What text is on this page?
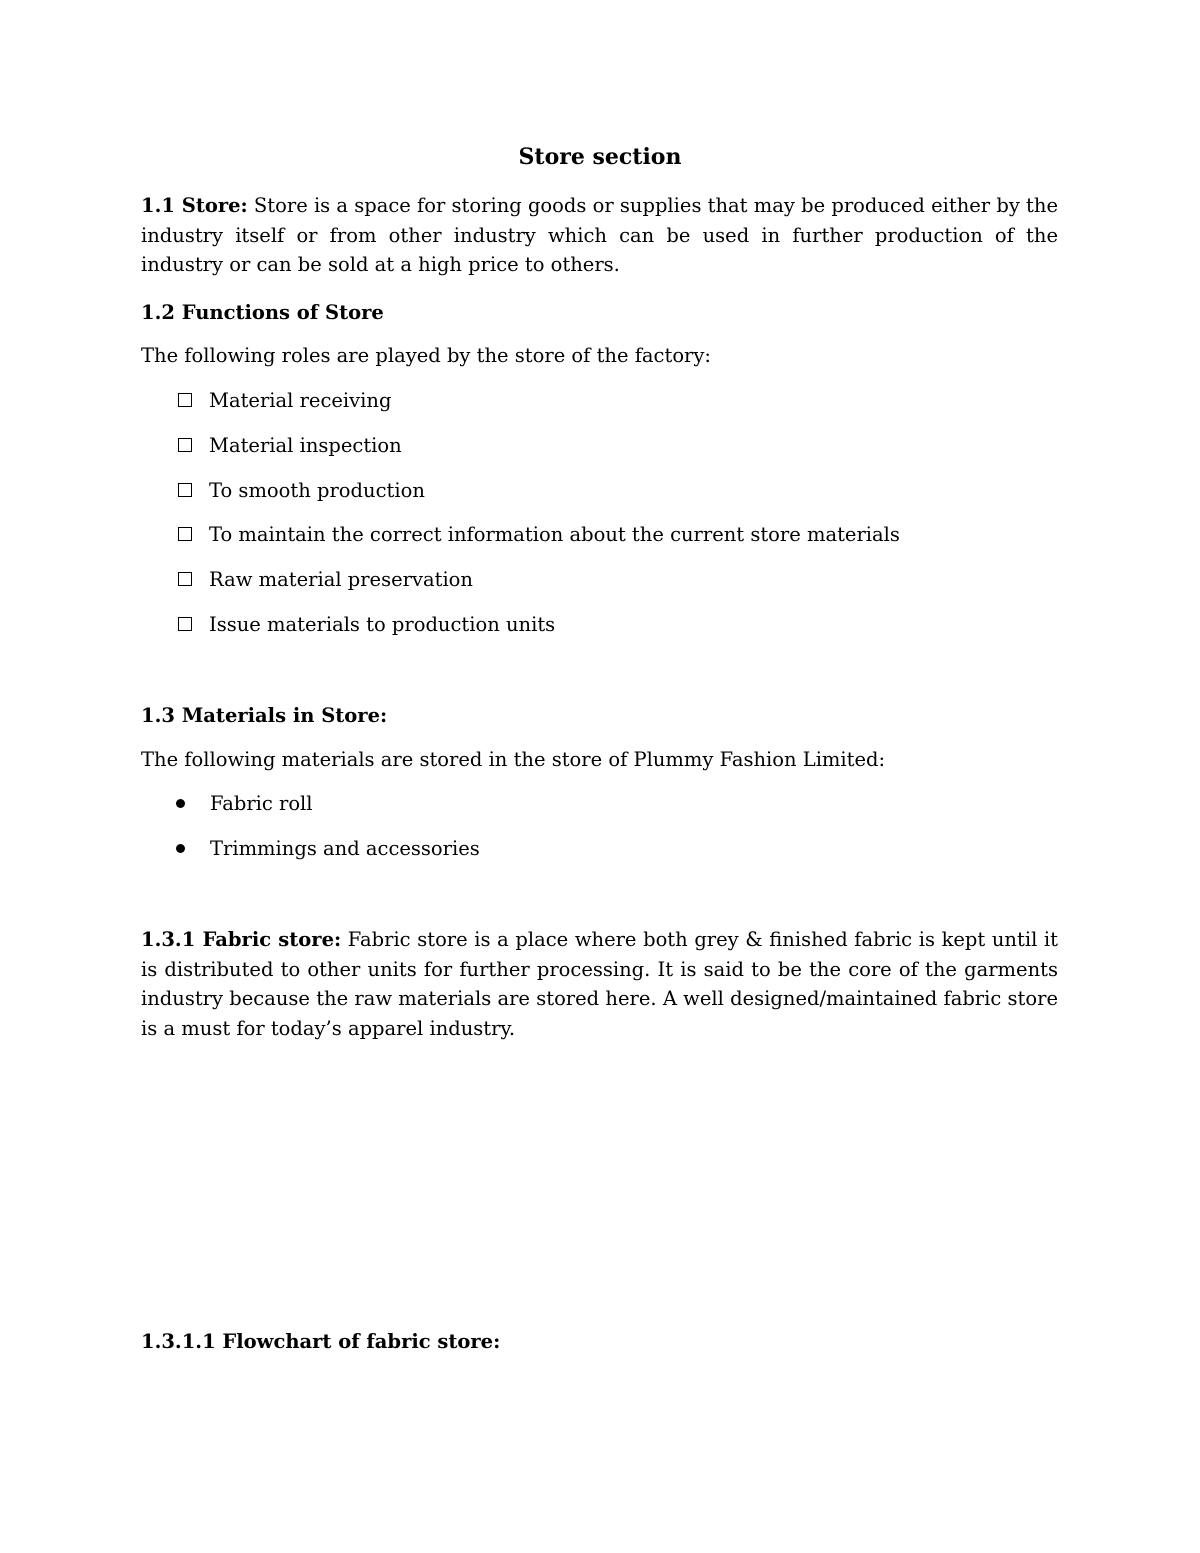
Store section

1.1 Store: Store is a space for storing goods or supplies that may be produced either by the industry itself or from other industry which can be used in further production of the industry or can be sold at a high price to others.

1.2 Functions of Store

The following roles are played by the store of the factory:

Material receiving
Material inspection
To smooth production
To maintain the correct information about the current store materials
Raw material preservation
Issue materials to production units
1.3 Materials in Store:

The following materials are stored in the store of Plummy Fashion Limited:

Fabric roll
Trimmings and accessories

1.3.1 Fabric store: Fabric store is a place where both grey & finished fabric is kept until it is distributed to other units for further processing. It is said to be the core of the garments industry because the raw materials are stored here. A well designed/maintained fabric store is a must for today’s apparel industry.

1.3.1.1 Flowchart of fabric store:
